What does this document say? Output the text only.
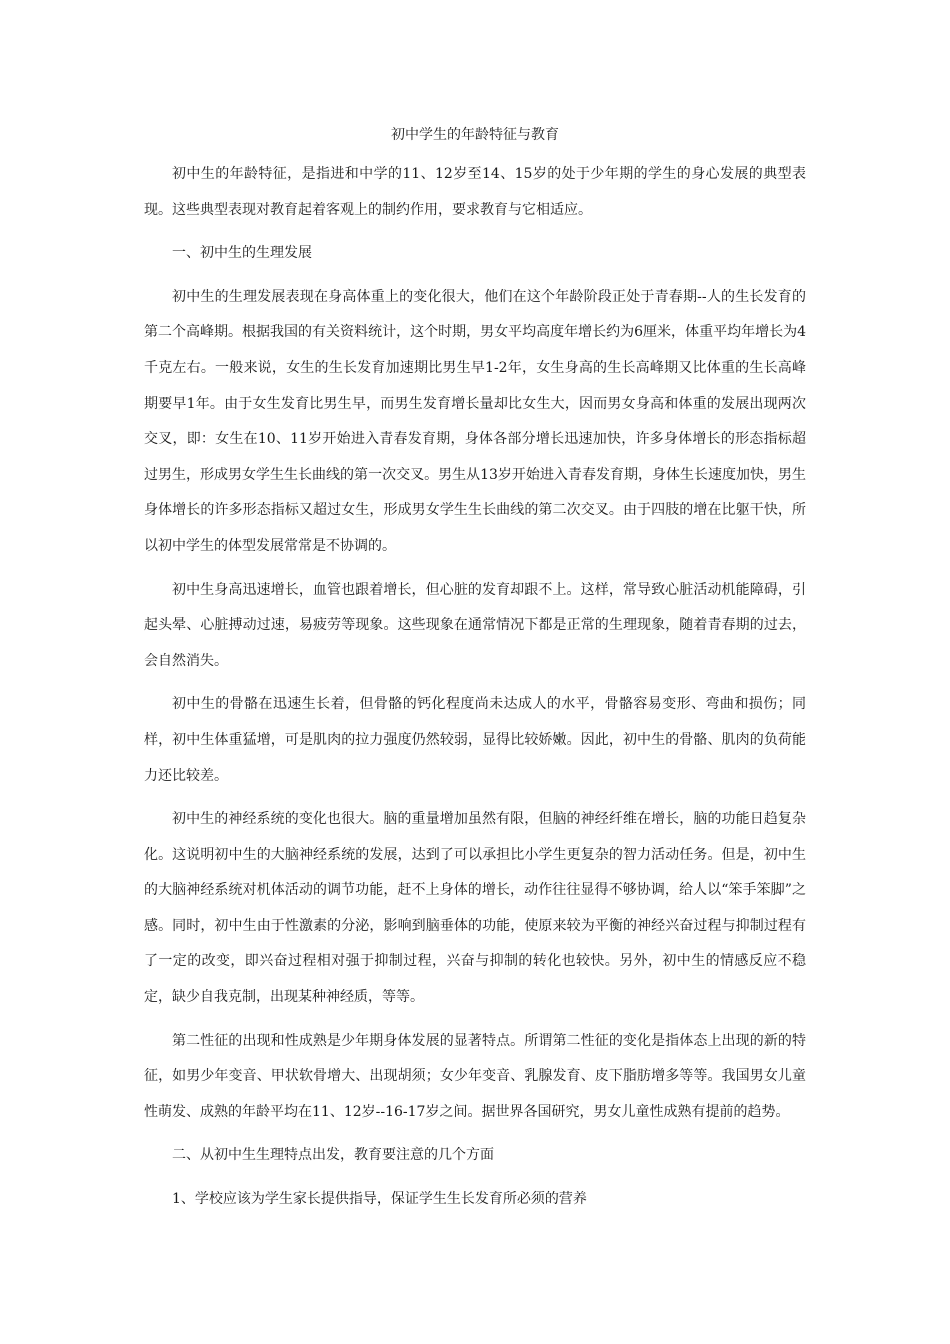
初中学生的年龄特征与教育

初中生的年龄特征，是指进和中学的11、12岁至14、15岁的处于少年期的学生的身心发展的典型表现。这些典型表现对教育起着客观上的制约作用，要求教育与它相适应。

一、初中生的生理发展

初中生的生理发展表现在身高体重上的变化很大，他们在这个年龄阶段正处于青春期--人的生长发育的第二个高峰期。根据我国的有关资料统计，这个时期，男女平均高度年增长约为6厘米，体重平均年增长为4千克左右。一般来说，女生的生长发育加速期比男生早1-2年，女生身高的生长高峰期又比体重的生长高峰期要早1年。由于女生发育比男生早，而男生发育增长量却比女生大，因而男女身高和体重的发展出现两次交叉，即：女生在10、11岁开始进入青春发育期，身体各部分增长迅速加快，许多身体增长的形态指标超过男生，形成男女学生生长曲线的第一次交叉。男生从13岁开始进入青春发育期，身体生长速度加快，男生身体增长的许多形态指标又超过女生，形成男女学生生长曲线的第二次交叉。由于四肢的增在比躯干快，所以初中学生的体型发展常常是不协调的。

初中生身高迅速增长，血管也跟着增长，但心脏的发育却跟不上。这样，常导致心脏活动机能障碍，引起头晕、心脏搏动过速，易疲劳等现象。这些现象在通常情况下都是正常的生理现象，随着青春期的过去，会自然消失。

初中生的骨骼在迅速生长着，但骨骼的钙化程度尚未达成人的水平，骨骼容易变形、弯曲和损伤；同样，初中生体重猛增，可是肌肉的拉力强度仍然较弱，显得比较娇嫩。因此，初中生的骨骼、肌肉的负荷能力还比较差。

初中生的神经系统的变化也很大。脑的重量增加虽然有限，但脑的神经纤维在增长，脑的功能日趋复杂化。这说明初中生的大脑神经系统的发展，达到了可以承担比小学生更复杂的智力活动任务。但是，初中生的大脑神经系统对机体活动的调节功能，赶不上身体的增长，动作往往显得不够协调，给人以“笨手笨脚”之感。同时，初中生由于性激素的分泌，影响到脑垂体的功能，使原来较为平衡的神经兴奋过程与抑制过程有了一定的改变，即兴奋过程相对强于抑制过程，兴奋与抑制的转化也较快。另外，初中生的情感反应不稳定，缺少自我克制，出现某种神经质，等等。

第二性征的出现和性成熟是少年期身体发展的显著特点。所谓第二性征的变化是指体态上出现的新的特征，如男少年变音、甲状软骨增大、出现胡须；女少年变音、乳腺发育、皮下脂肪增多等等。我国男女儿童性萌发、成熟的年龄平均在11、12岁--16-17岁之间。据世界各国研究，男女儿童性成熟有提前的趋势。

二、从初中生生理特点出发，教育要注意的几个方面

1、学校应该为学生家长提供指导，保证学生生长发育所必须的营养
